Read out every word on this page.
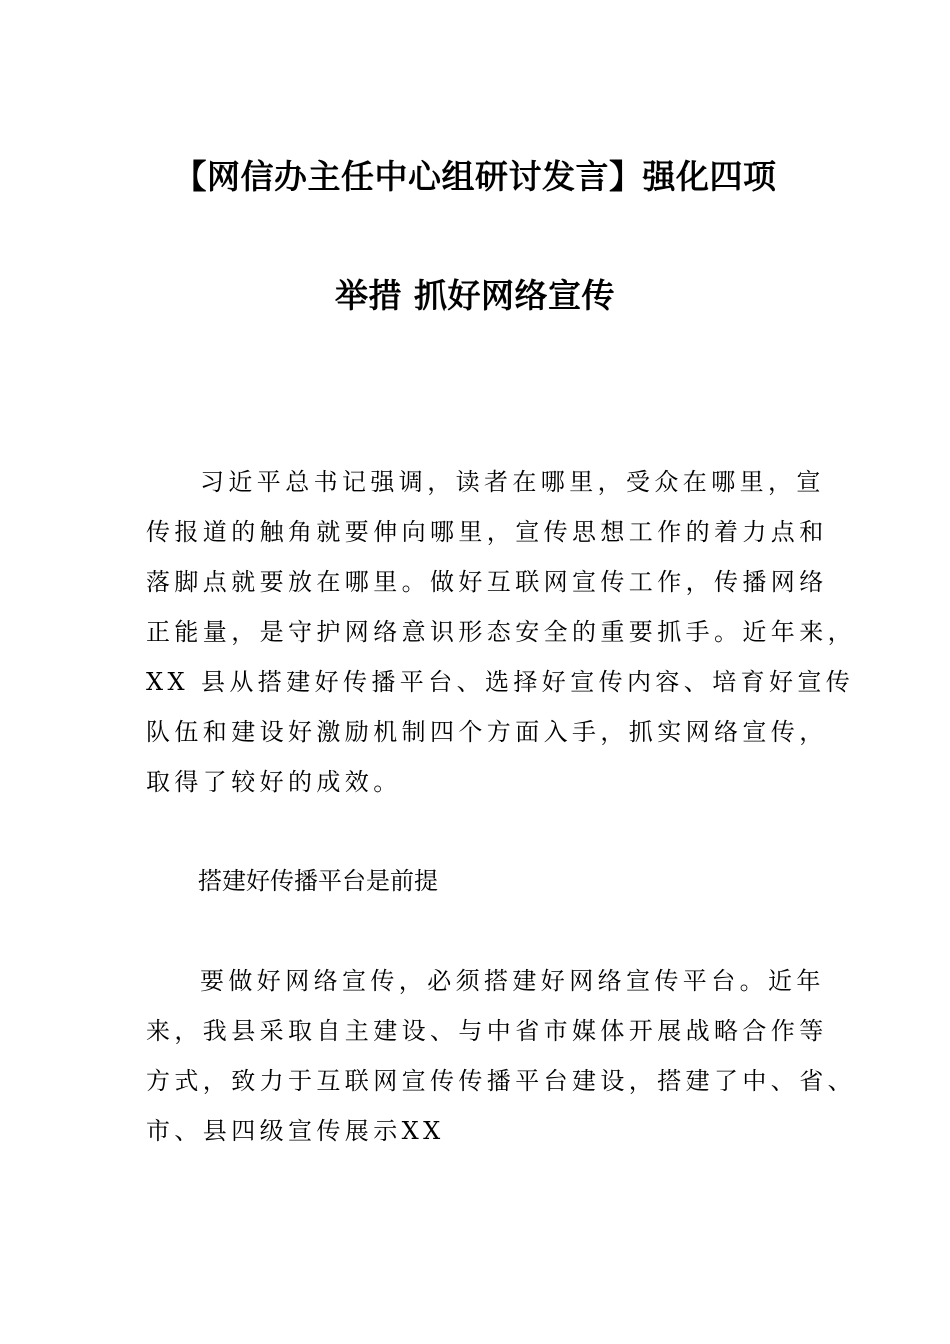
【网信办主任中心组研讨发言】强化四项
举措 抓好网络宣传
习近平总书记强调，读者在哪里，受众在哪里，宣
传报道的触角就要伸向哪里，宣传思想工作的着力点和
落脚点就要放在哪里。做好互联网宣传工作，传播网络
正能量，是守护网络意识形态安全的重要抓手。近年来，
XX 县从搭建好传播平台、选择好宣传内容、培育好宣传
队伍和建设好激励机制四个方面入手，抓实网络宣传，
取得了较好的成效。
搭建好传播平台是前提
要做好网络宣传，必须搭建好网络宣传平台。近年
来，我县采取自主建设、与中省市媒体开展战略合作等
方式，致力于互联网宣传传播平台建设，搭建了中、省、
市、县四级宣传展示XX
